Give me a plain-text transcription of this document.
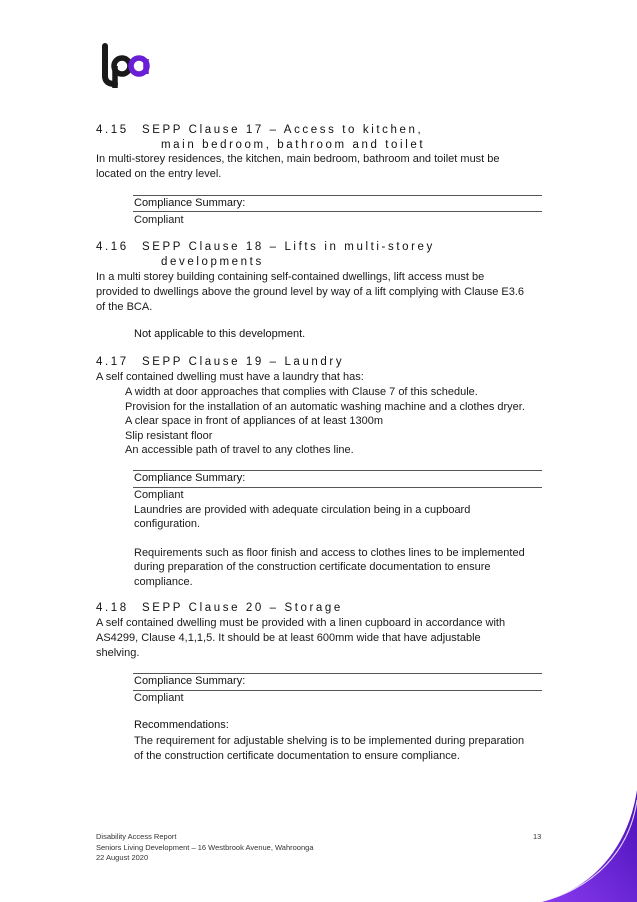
4.15 SEPP Clause 17 – Access to kitchen,
main bedroom, bathroom and toilet
In multi-storey residences, the kitchen, main bedroom, bathroom and toilet must be
located on the entry level.
Compliance Summary:
Compliant
4.16 SEPP Clause 18 – Lifts in multi-storey
developments
In a multi storey building containing self-contained dwellings, lift access must be
provided to dwellings above the ground level by way of a lift complying with Clause E3.6
of the BCA.
Not applicable to this development.
4.17 SEPP Clause 19 – Laundry
A self contained dwelling must have a laundry that has:
A width at door approaches that complies with Clause 7 of this schedule.
Provision for the installation of an automatic washing machine and a clothes dryer.
A clear space in front of appliances of at least 1300m
Slip resistant floor
An accessible path of travel to any clothes line.
Compliance Summary:
Compliant
Laundries are provided with adequate circulation being in a cupboard
configuration.
Requirements such as floor finish and access to clothes lines to be implemented
during preparation of the construction certificate documentation to ensure
compliance.
4.18 SEPP Clause 20 – Storage
A self contained dwelling must be provided with a linen cupboard in accordance with
AS4299, Clause 4,1,1,5. It should be at least 600mm wide that have adjustable
shelving.
Compliance Summary:
Compliant
Recommendations:
The requirement for adjustable shelving is to be implemented during preparation
of the construction certificate documentation to ensure compliance.
Disability Access Report
Seniors Living Development – 16 Westbrook Avenue, Wahroonga
22 August 2020
13
